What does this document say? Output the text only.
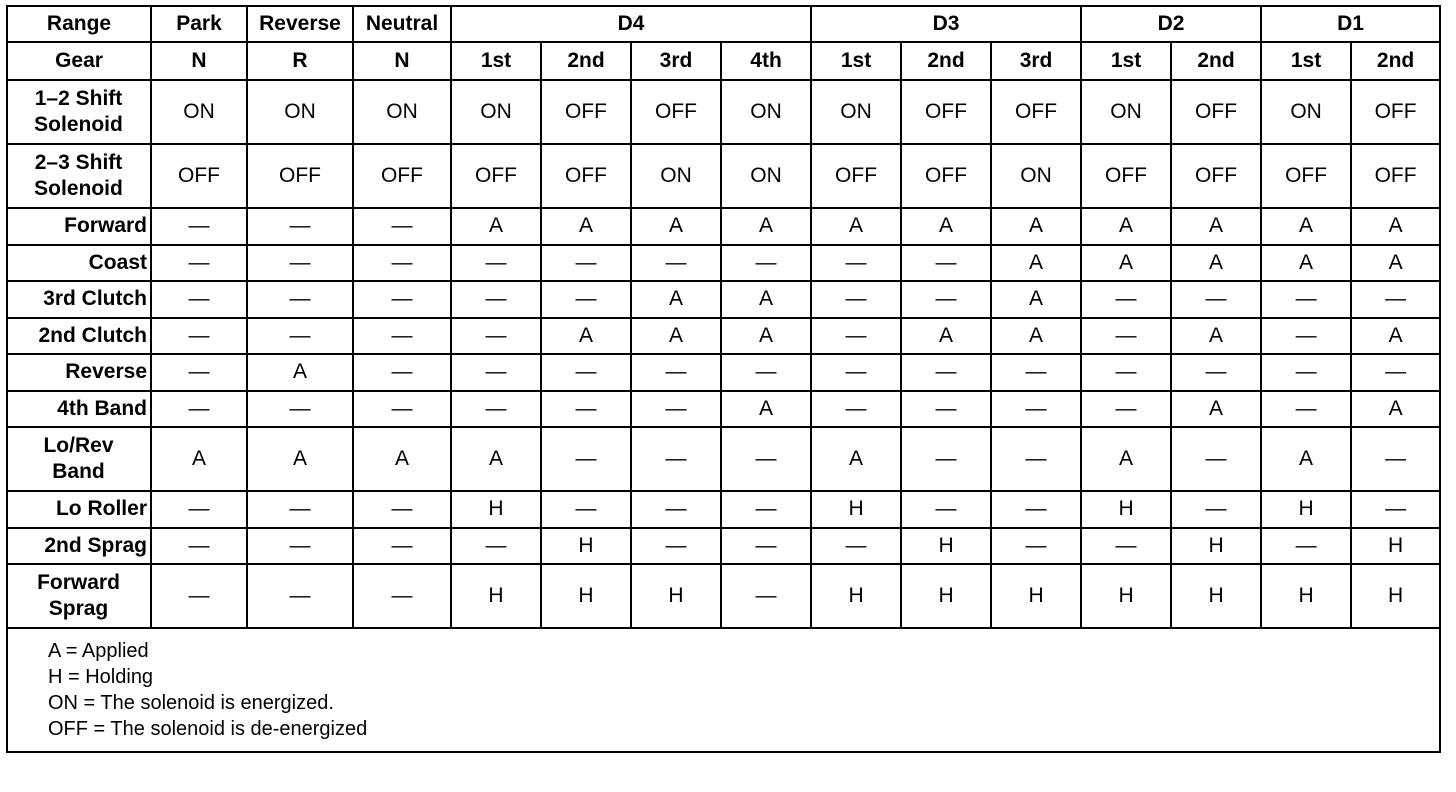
Range	Park	Reverse	Neutral	D4				D3			D2		D1	
Gear	N	R	N	1st	2nd	3rd	4th	1st	2nd	3rd	1st	2nd	1st	2nd

1–2 Shift
Solenoid	ON	ON	ON	ON	OFF	OFF	ON	ON	OFF	OFF	ON	OFF	ON	OFF

2–3 Shift
Solenoid	OFF	OFF	OFF	OFF	OFF	ON	ON	OFF	OFF	ON	OFF	OFF	OFF	OFF

Forward	—	—	—	A	A	A	A	A	A	A	A	A	A	A

Coast	—	—	—	—	—	—	—	—	—	A	A	A	A	A

3rd Clutch	—	—	—	—	—	A	A	—	—	A	—	—	—	—

2nd Clutch	—	—	—	—	A	A	A	—	A	A	—	A	—	A

Reverse	—	A	—	—	—	—	—	—	—	—	—	—	—	—

4th Band	—	—	—	—	—	—	A	—	—	—	—	A	—	A

Lo/Rev
Band	A	A	A	A	—	—	—	A	—	—	A	—	A	—

Lo Roller	—	—	—	H	—	—	—	H	—	—	H	—	H	—

2nd Sprag	—	—	—	—	H	—	—	—	H	—	—	H	—	H

Forward
Sprag	—	—	—	H	H	H	—	H	H	H	H	H	H	H

A = Applied
H = Holding
ON = The solenoid is energized.
OFF = The solenoid is de-energized														
